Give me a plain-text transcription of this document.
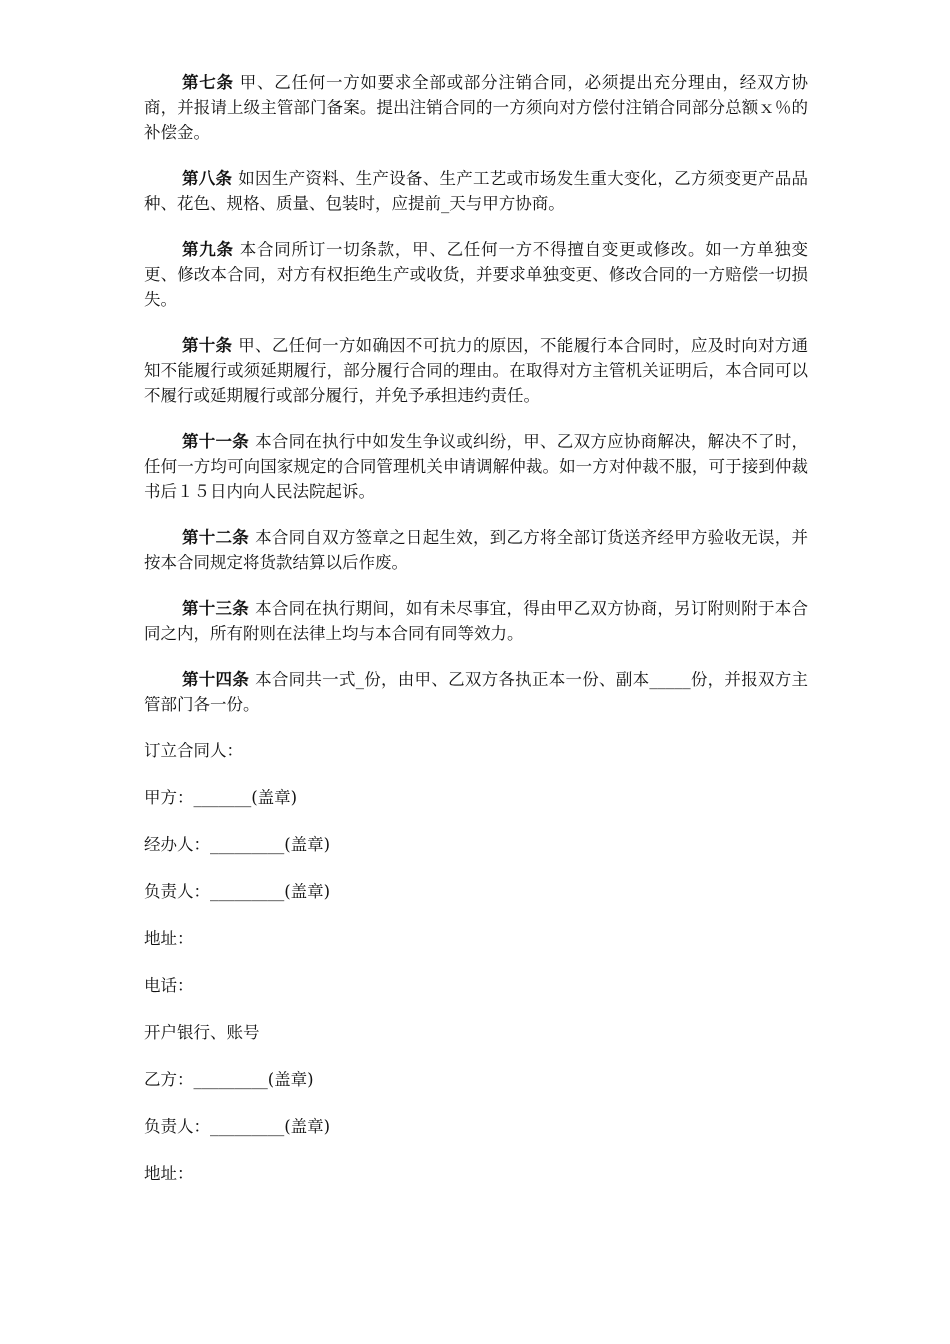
第七条 甲、乙任何一方如要求全部或部分注销合同，必须提出充分理由，经双方协商，并报请上级主管部门备案。提出注销合同的一方须向对方偿付注销合同部分总额ｘ％的补偿金。

第八条 如因生产资料、生产设备、生产工艺或市场发生重大变化，乙方须变更产品品种、花色、规格、质量、包装时，应提前_天与甲方协商。

第九条 本合同所订一切条款，甲、乙任何一方不得擅自变更或修改。如一方单独变更、修改本合同，对方有权拒绝生产或收货，并要求单独变更、修改合同的一方赔偿一切损失。

第十条 甲、乙任何一方如确因不可抗力的原因，不能履行本合同时，应及时向对方通知不能履行或须延期履行，部分履行合同的理由。在取得对方主管机关证明后，本合同可以不履行或延期履行或部分履行，并免予承担违约责任。

第十一条 本合同在执行中如发生争议或纠纷，甲、乙双方应协商解决，解决不了时，任何一方均可向国家规定的合同管理机关申请调解仲裁。如一方对仲裁不服，可于接到仲裁书后１５日内向人民法院起诉。

第十二条 本合同自双方签章之日起生效，到乙方将全部订货送齐经甲方验收无误，并按本合同规定将货款结算以后作废。

第十三条 本合同在执行期间，如有未尽事宜，得由甲乙双方协商，另订附则附于本合同之内，所有附则在法律上均与本合同有同等效力。

第十四条 本合同共一式_份，由甲、乙双方各执正本一份、副本_____份，并报双方主管部门各一份。

订立合同人：

甲方：_______(盖章)

经办人：_________(盖章)

负责人：_________(盖章)

地址：

电话：

开户银行、账号

乙方：_________(盖章)

负责人：_________(盖章)

地址：
